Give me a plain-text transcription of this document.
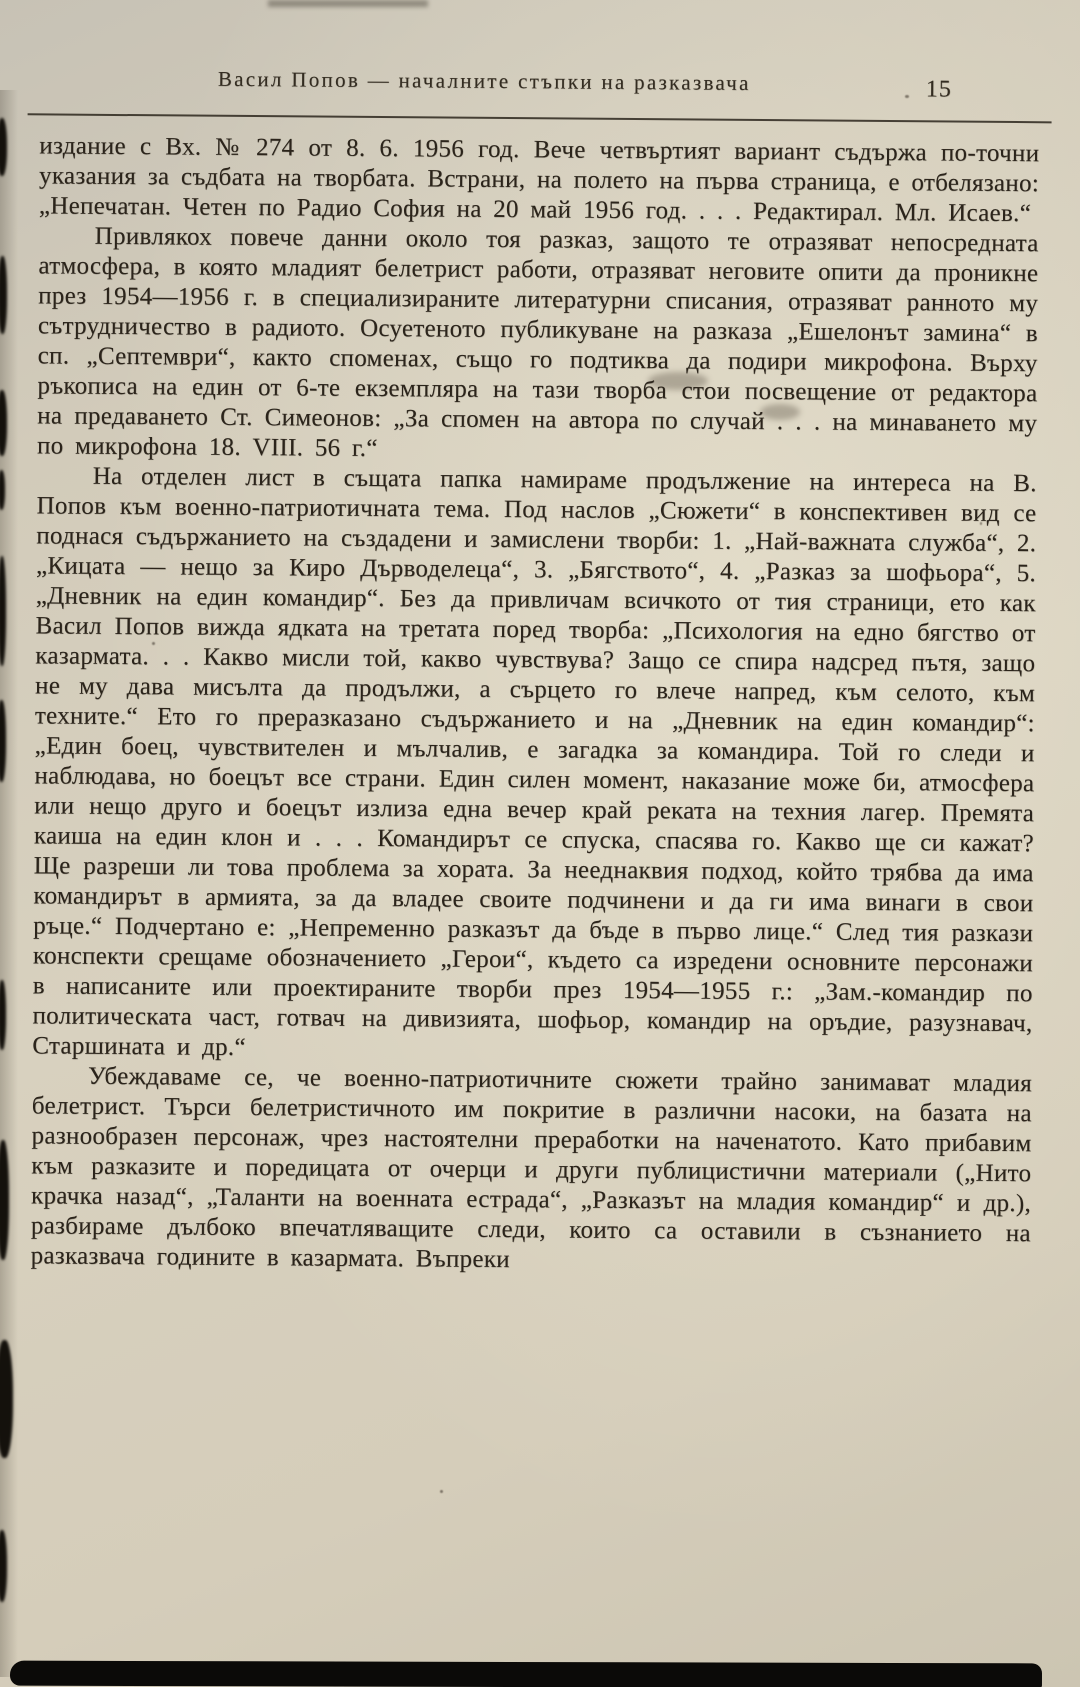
Васил Попов — началните стъпки на разказвача	15

издание с Вх. № 274 от 8. 6. 1956 год. Вече четвъртият вариант съдържа по-точни указания за съдбата на творбата. Встрани, на полето на първа страница, е отбелязано: „Непечатан. Четен по Радио София на 20 май 1956 год. . . . Редактирал. Мл. Исаев.“

Привлякох повече данни около тоя разказ, защото те отразяват непосредната атмосфера, в която младият белетрист работи, отразяват неговите опити да проникне през 1954—1956 г. в специализираните литературни списания, отразяват ранното му сътрудничество в радиото. Осуетеното публикуване на разказа „Ешелонът замина“ в сп. „Септември“, както споменах, също го подтиква да подири микрофона. Върху ръкописа на един от 6-те екземпляра на тази творба стои посвещение от редактора на предаването Ст. Симеонов: „За спомен на автора по случай . . . на минаването му по микрофона 18. VIII. 56 г.“

На отделен лист в същата папка намираме продължение на интереса на В. Попов към военно-патриотичната тема. Под наслов „Сюжети“ в конспективен вид се поднася съдържанието на създадени и замислени творби: 1. „Най-важната служба“, 2. „Кицата — нещо за Киро Дърводелеца“, 3. „Бягството“, 4. „Разказ за шофьора“, 5. „Дневник на един командир“. Без да привличам всичкото от тия страници, ето как Васил Попов вижда ядката на третата поред творба: „Психология на едно бягство от казармата. . . Какво мисли той, какво чувствува? Защо се спира надсред пътя, защо не му дава мисълта да продължи, а сърцето го влече напред, към селото, към техните.“ Ето го преразказано съдържанието и на „Дневник на един командир“: „Един боец, чувствителен и мълчалив, е загадка за командира. Той го следи и наблюдава, но боецът все страни. Един силен момент, наказание може би, атмосфера или нещо друго и боецът излиза една вечер край реката на техния лагер. Премята каиша на един клон и . . . Командирът се спуска, спасява го. Какво ще си кажат? Ще разреши ли това проблема за хората. За нееднаквия подход, който трябва да има командирът в армията, за да владее своите подчинени и да ги има винаги в свои ръце.“ Подчертано е: „Непременно разказът да бъде в първо лице.“ След тия разкази конспекти срещаме обозначението „Герои“, където са изредени основните персонажи в написаните или проектираните творби през 1954—1955 г.: „Зам.-командир по политическата част, готвач на дивизията, шофьор, командир на оръдие, разузнавач, Старшината и др.“

Убеждаваме се, че военно-патриотичните сюжети трайно занимават младия белетрист. Търси белетристичното им покритие в различни насоки, на базата на разнообразен персонаж, чрез настоятелни преработки на наченатото. Като прибавим към разказите и поредицата от очерци и други публицистични материали („Нито крачка назад“, „Таланти на военната естрада“, „Разказът на младия командир“ и др.), разбираме дълбоко впечатляващите следи, които са оставили в съзнанието на разказвача годините в казармата. Въпреки
